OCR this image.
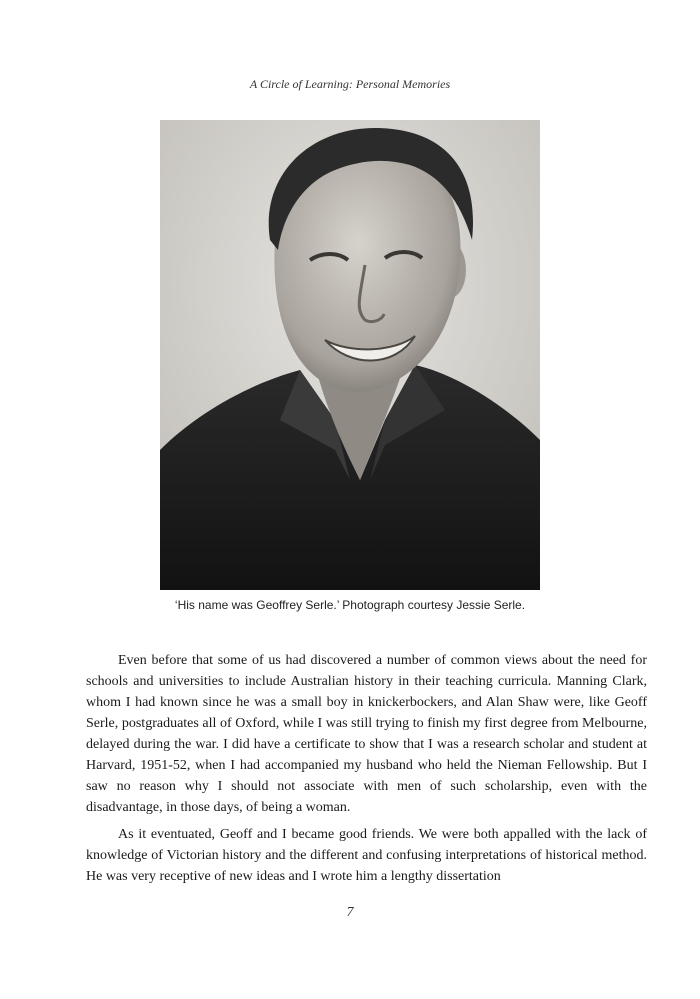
A Circle of Learning: Personal Memories
‘His name was Geoffrey Serle.’ Photograph courtesy Jessie Serle.

Even before that some of us had discovered a number of common views about the need for schools and universities to include Australian history in their teaching curricula. Manning Clark, whom I had known since he was a small boy in knickerbockers, and Alan Shaw were, like Geoff Serle, postgraduates all of Oxford, while I was still trying to finish my first degree from Melbourne, delayed during the war. I did have a certificate to show that I was a research scholar and student at Harvard, 1951-52, when I had accompanied my husband who held the Nieman Fellowship. But I saw no reason why I should not associate with men of such scholarship, even with the disadvantage, in those days, of being a woman.

As it eventuated, Geoff and I became good friends. We were both appalled with the lack of knowledge of Victorian history and the different and confusing interpretations of historical method. He was very receptive of new ideas and I wrote him a lengthy dissertation

7
